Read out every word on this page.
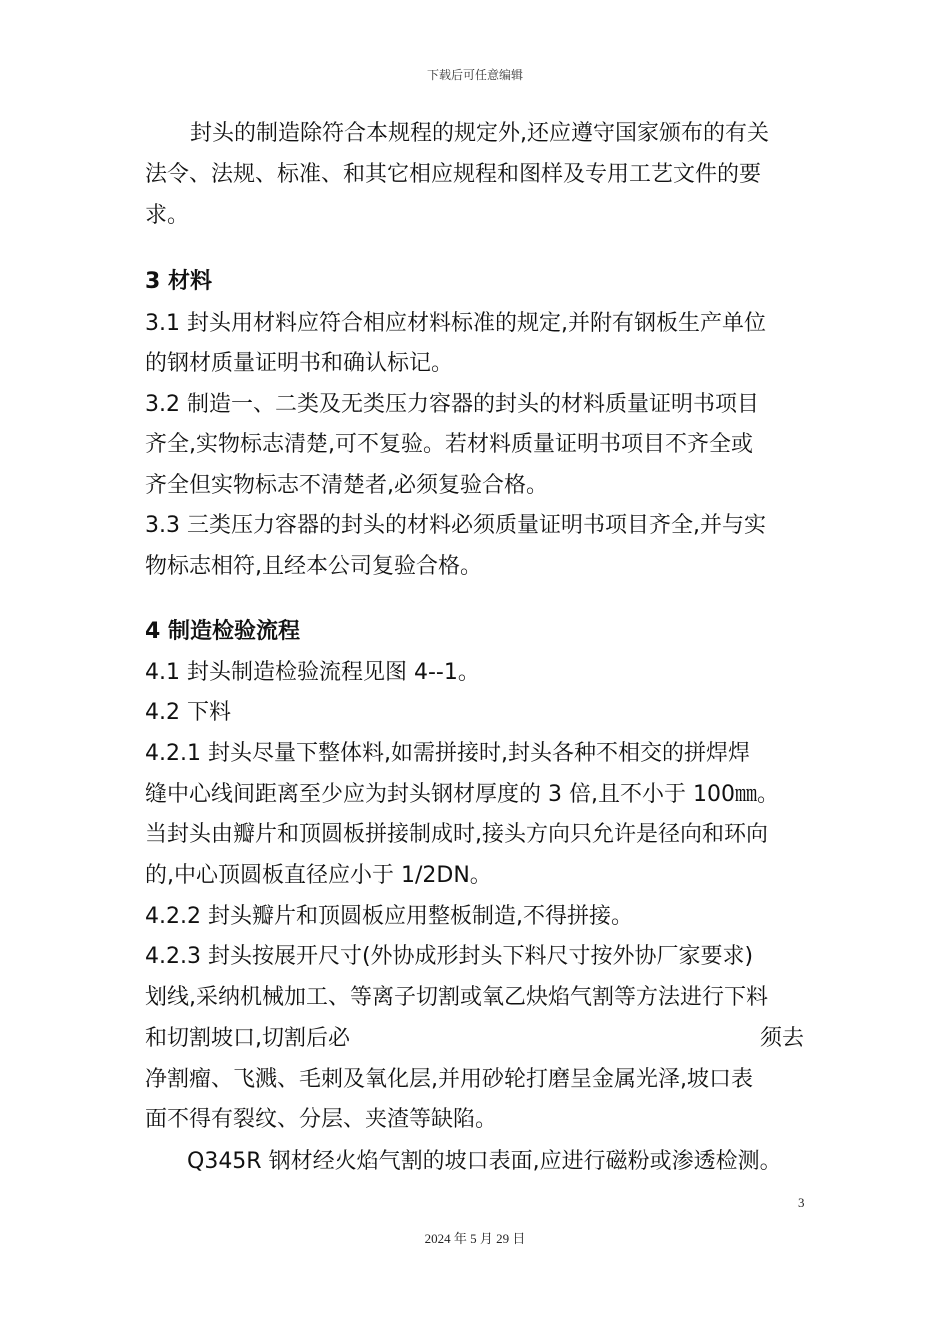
下载后可任意编辑
封头的制造除符合本规程的规定外,还应遵守国家颁布的有关
法令、法规、标准、和其它相应规程和图样及专用工艺文件的要
求。
3 材料
3.1 封头用材料应符合相应材料标准的规定,并附有钢板生产单位
的钢材质量证明书和确认标记。
3.2 制造一、二类及无类压力容器的封头的材料质量证明书项目
齐全,实物标志清楚,可不复验。若材料质量证明书项目不齐全或
齐全但实物标志不清楚者,必须复验合格。
3.3 三类压力容器的封头的材料必须质量证明书项目齐全,并与实
物标志相符,且经本公司复验合格。
4 制造检验流程
4.1 封头制造检验流程见图 4--1。
4.2 下料
4.2.1 封头尽量下整体料,如需拼接时,封头各种不相交的拼焊焊
缝中心线间距离至少应为封头钢材厚度的 3 倍,且不小于 100㎜。
当封头由瓣片和顶圆板拼接制成时,接头方向只允许是径向和环向
的,中心顶圆板直径应小于 1/2DN。
4.2.2 封头瓣片和顶圆板应用整板制造,不得拼接。
4.2.3 封头按展开尺寸(外协成形封头下料尺寸按外协厂家要求)
划线,采纳机械加工、等离子切割或氧乙炔焰气割等方法进行下料
和切割坡口,切割后必	须去
净割瘤、飞溅、毛刺及氧化层,并用砂轮打磨呈金属光泽,坡口表
面不得有裂纹、分层、夹渣等缺陷。
Q345R 钢材经火焰气割的坡口表面,应进行磁粉或渗透检测。
3
2024 年 5 月 29 日
